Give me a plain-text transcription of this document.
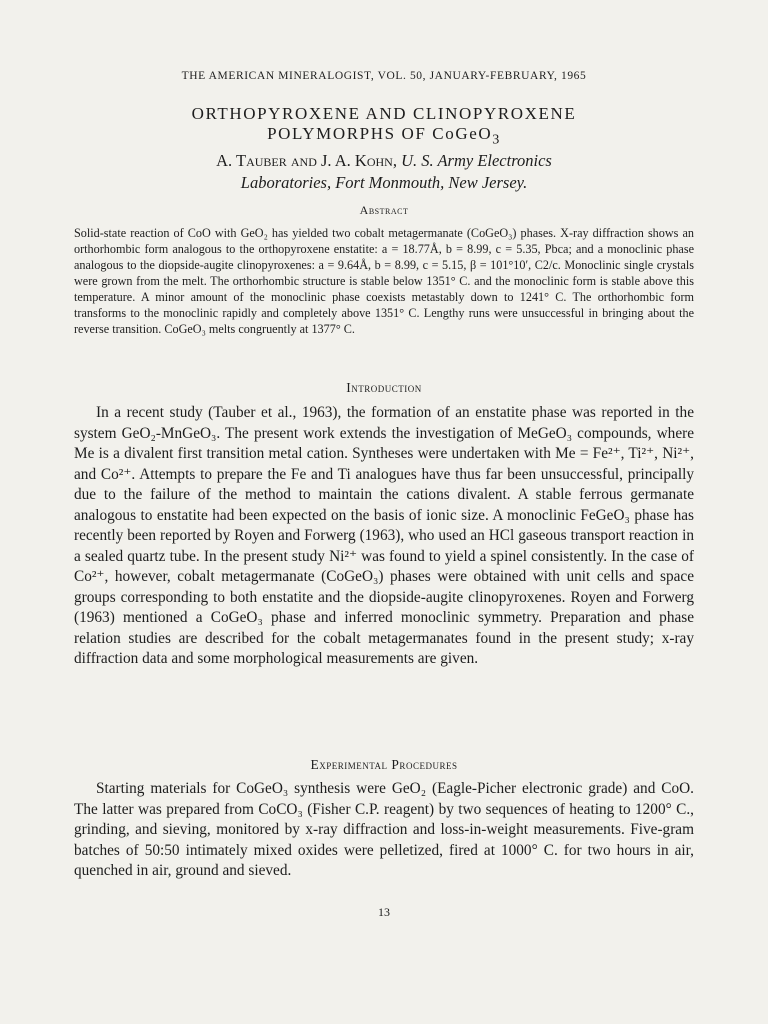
THE AMERICAN MINERALOGIST, VOL. 50, JANUARY-FEBRUARY, 1965
ORTHOPYROXENE AND CLINOPYROXENE
POLYMORPHS OF CoGeO$_3$
A. Tauber and J. A. Kohn, U. S. Army Electronics
Laboratories, Fort Monmouth, New Jersey.
Abstract

Solid-state reaction of CoO with GeO₂ has yielded two cobalt metagermanate (CoGeO₃) phases. X-ray diffraction shows an orthorhombic form analogous to the orthopyroxene enstatite: a = 18.77Å, b = 8.99, c = 5.35, Pbca; and a monoclinic phase analogous to the diopside-augite clinopyroxenes: a = 9.64Å, b = 8.99, c = 5.15, β = 101°10′, C2/c. Monoclinic single crystals were grown from the melt. The orthorhombic structure is stable below 1351° C. and the monoclinic form is stable above this temperature. A minor amount of the monoclinic phase coexists metastably down to 1241° C. The orthorhombic form transforms to the monoclinic rapidly and completely above 1351° C. Lengthy runs were unsuccessful in bringing about the reverse transition. CoGeO₃ melts congruently at 1377° C.

Introduction

In a recent study (Tauber et al., 1963), the formation of an enstatite phase was reported in the system GeO₂-MnGeO₃. The present work extends the investigation of MeGeO₃ compounds, where Me is a divalent first transition metal cation. Syntheses were undertaken with Me = Fe²⁺, Ti²⁺, Ni²⁺, and Co²⁺. Attempts to prepare the Fe and Ti analogues have thus far been unsuccessful, principally due to the failure of the method to maintain the cations divalent. A stable ferrous germanate analogous to enstatite had been expected on the basis of ionic size. A monoclinic FeGeO₃ phase has recently been reported by Royen and Forwerg (1963), who used an HCl gaseous transport reaction in a sealed quartz tube. In the present study Ni²⁺ was found to yield a spinel consistently. In the case of Co²⁺, however, cobalt metagermanate (CoGeO₃) phases were obtained with unit cells and space groups corresponding to both enstatite and the diopside-augite clinopyroxenes. Royen and Forwerg (1963) mentioned a CoGeO₃ phase and inferred monoclinic symmetry. Preparation and phase relation studies are described for the cobalt metagermanates found in the present study; x-ray diffraction data and some morphological measurements are given.

Experimental Procedures

Starting materials for CoGeO₃ synthesis were GeO₂ (Eagle-Picher electronic grade) and CoO. The latter was prepared from CoCO₃ (Fisher C.P. reagent) by two sequences of heating to 1200° C., grinding, and sieving, monitored by x-ray diffraction and loss-in-weight measurements. Five-gram batches of 50:50 intimately mixed oxides were pelletized, fired at 1000° C. for two hours in air, quenched in air, ground and sieved.

13
